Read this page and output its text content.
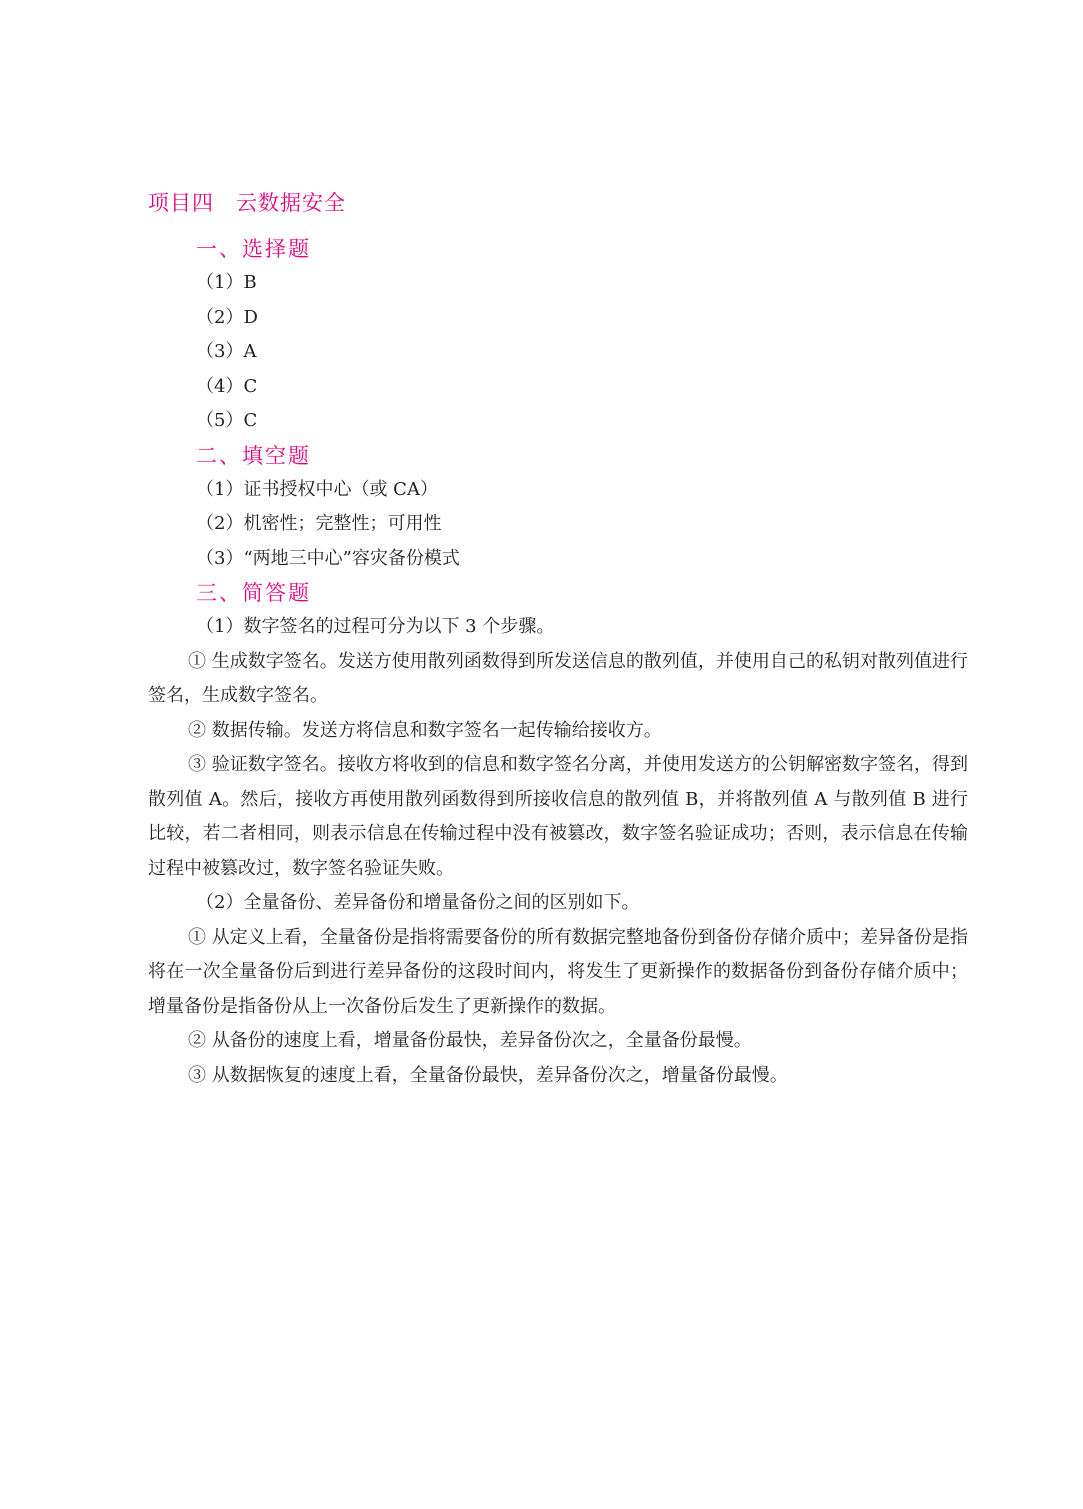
项目四 云数据安全
一、选择题

（1）B

（2）D

（3）A

（4）C

（5）C

二、填空题

（1）证书授权中心（或 CA）

（2）机密性；完整性；可用性

（3）“两地三中心”容灾备份模式

三、简答题

（1）数字签名的过程可分为以下 3 个步骤。

① 生成数字签名。发送方使用散列函数得到所发送信息的散列值，并使用自己的私钥对散列值进行签名，生成数字签名。

② 数据传输。发送方将信息和数字签名一起传输给接收方。

③ 验证数字签名。接收方将收到的信息和数字签名分离，并使用发送方的公钥解密数字签名，得到散列值 A。然后，接收方再使用散列函数得到所接收信息的散列值 B，并将散列值 A 与散列值 B 进行比较，若二者相同，则表示信息在传输过程中没有被篡改，数字签名验证成功；否则，表示信息在传输过程中被篡改过，数字签名验证失败。

（2）全量备份、差异备份和增量备份之间的区别如下。

① 从定义上看，全量备份是指将需要备份的所有数据完整地备份到备份存储介质中；差异备份是指将在一次全量备份后到进行差异备份的这段时间内，将发生了更新操作的数据备份到备份存储介质中；增量备份是指备份从上一次备份后发生了更新操作的数据。

② 从备份的速度上看，增量备份最快，差异备份次之，全量备份最慢。

③ 从数据恢复的速度上看，全量备份最快，差异备份次之，增量备份最慢。
